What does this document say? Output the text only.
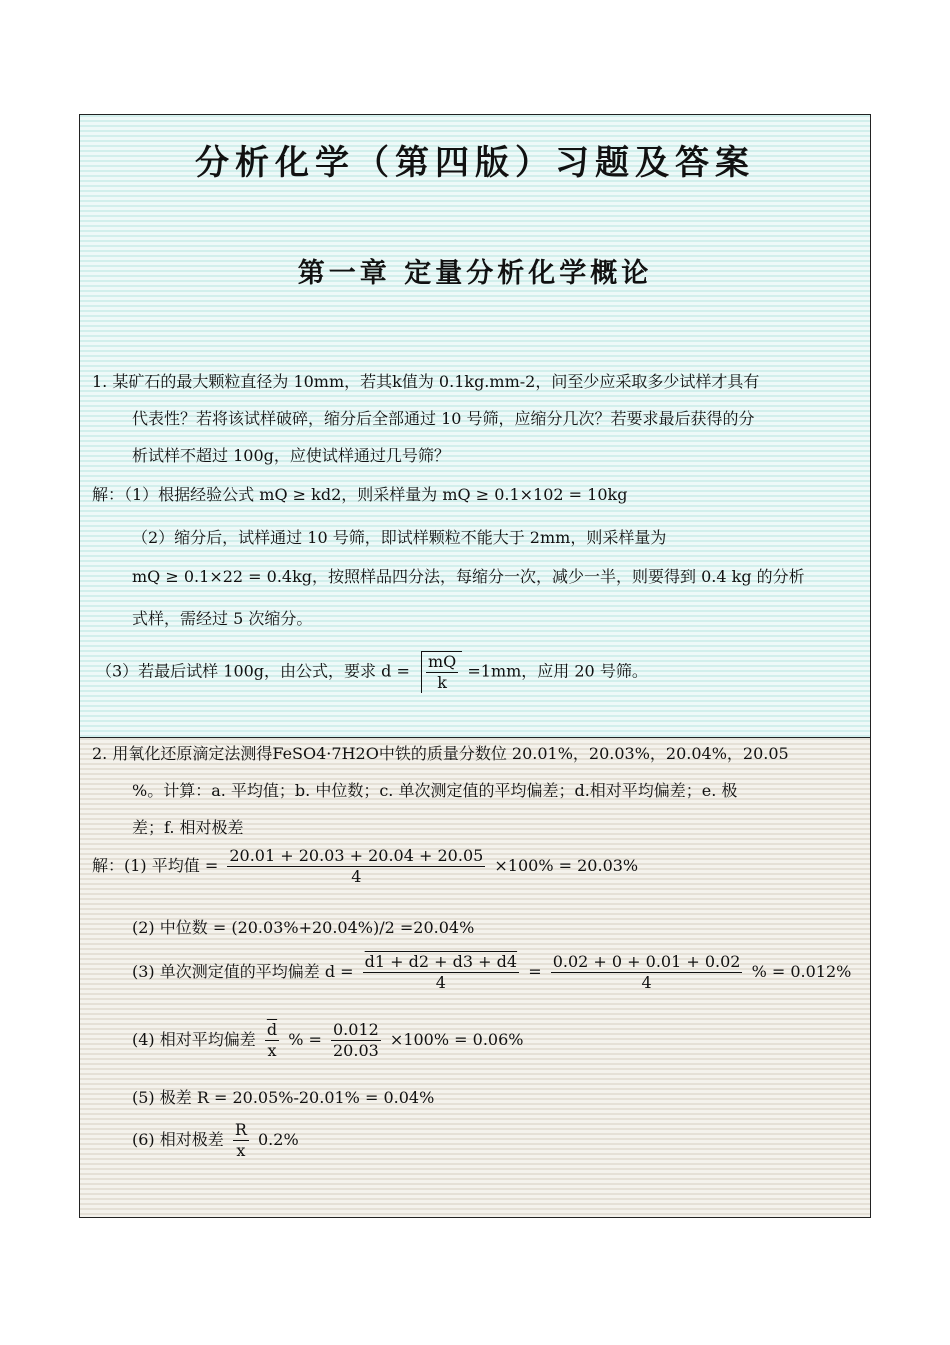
分析化学（第四版）习题及答案
第一章 定量分析化学概论
1. 某矿石的最大颗粒直径为 10mm，若其k值为 0.1kg.mm-2，问至少应采取多少试样才具有
代表性？若将该试样破碎，缩分后全部通过 10 号筛，应缩分几次？若要求最后获得的分
析试样不超过 100g，应使试样通过几号筛？
解：（1）根据经验公式 mQ ≥ kd2，则采样量为 mQ ≥ 0.1×102 = 10kg
（2）缩分后，试样通过 10 号筛，即试样颗粒不能大于 2mm，则采样量为
mQ ≥ 0.1×22 = 0.4kg，按照样品四分法，每缩分一次，减少一半，则要得到 0.4 kg 的分析
式样，需经过 5 次缩分。
（3）若最后试样 100g，由公式，要求 $d = \frac{mQ}{k} =1mm$，应用 20 号筛。
2. 用氧化还原滴定法测得FeSO4·7H2O中铁的质量分数位 20.01%，20.03%，20.04%，20.05
%。计算：a. 平均值；b. 中位数；c. 单次测定值的平均偏差；d.相对平均偏差；e. 极
差；f. 相对极差
解：(1) 平均值 = $\frac{20.01 + 20.03 + 20.04 + 20.05}{4} \times 100\% = 20.03\%$
(2) 中位数 = (20.03%+20.04%)/2 =20.04%
(3) 单次测定值的平均偏差 $d = \frac{d1 + d2 + d3 + d4}{4} = \frac{0.02 + 0 + 0.01 + 0.02}{4}$ % = 0.012%
(4) 相对平均偏差 $\frac{\overline{d}}{x}$ % = $\frac{0.012}{20.03} \times 100\% = 0.06\%$
(5) 极差 R = 20.05%-20.01% = 0.04%
(6) 相对极差 $\frac{R}{x} 0.2\%$
